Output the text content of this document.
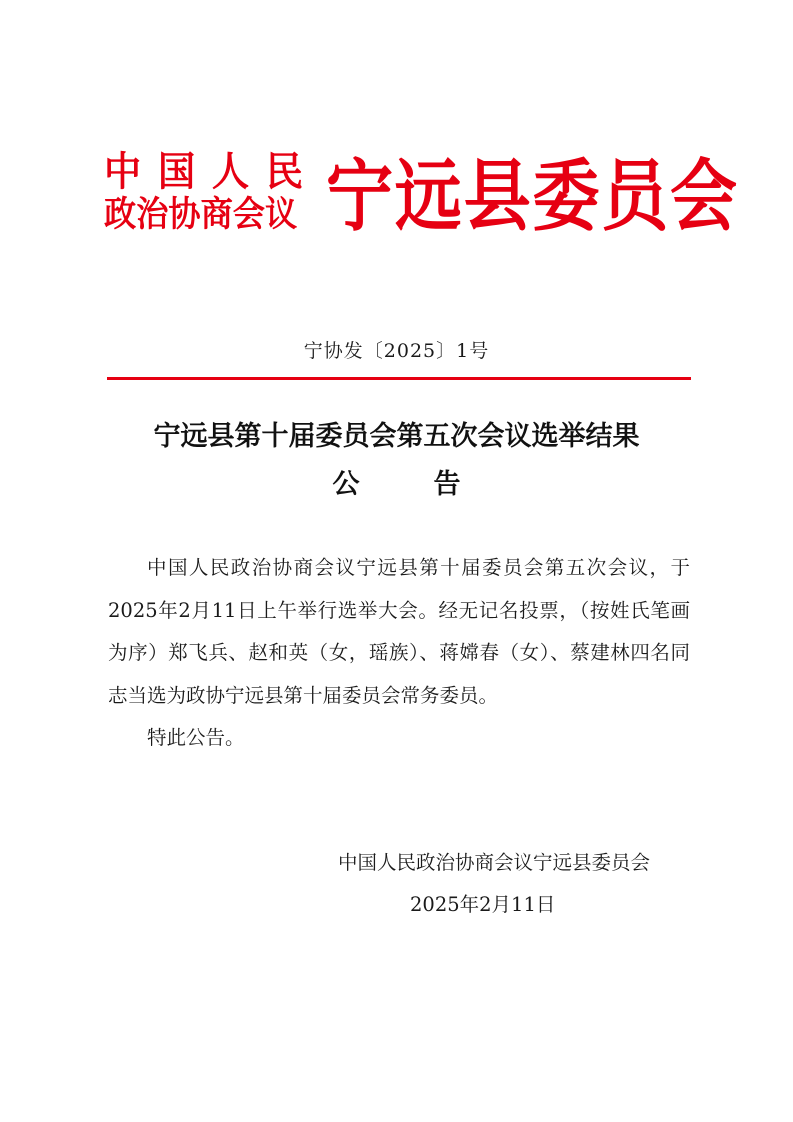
中国人民
政治协商会议 宁远县委员会
宁协发〔2025〕1号
宁远县第十届委员会第五次会议选举结果
公告

中国人民政治协商会议宁远县第十届委员会第五次会议，于2025年2月11日上午举行选举大会。经无记名投票，（按姓氏笔画为序）郑飞兵、赵和英（女，瑶族）、蒋嫦春（女）、蔡建林四名同志当选为政协宁远县第十届委员会常务委员。

特此公告。

中国人民政治协商会议宁远县委员会
2025年2月11日
